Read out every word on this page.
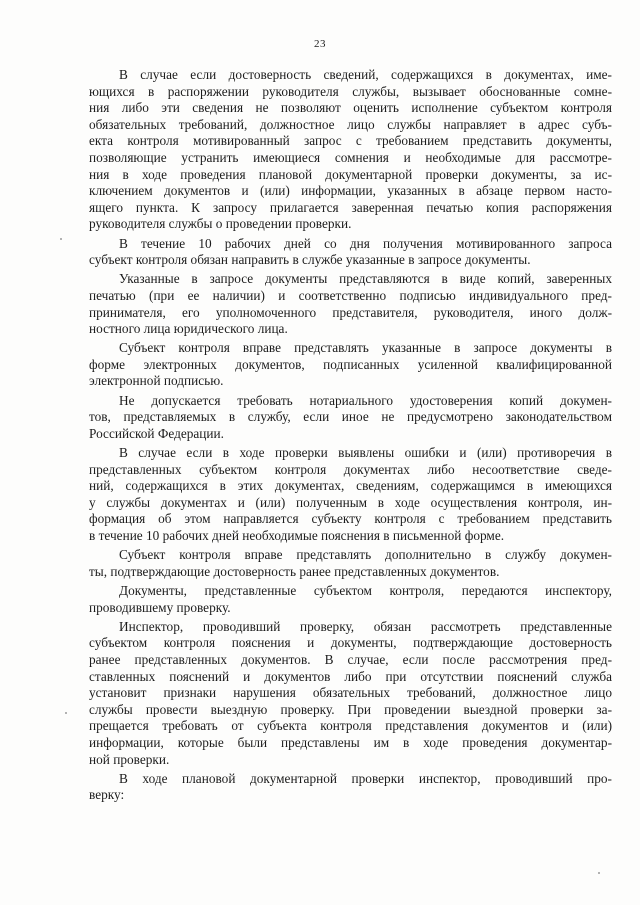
23

В случае если достоверность сведений, содержащихся в документах, име-
ющихся в распоряжении руководителя службы, вызывает обоснованные сомне-
ния либо эти сведения не позволяют оценить исполнение субъектом контроля
обязательных требований, должностное лицо службы направляет в адрес субъ-
екта контроля мотивированный запрос с требованием представить документы,
позволяющие устранить имеющиеся сомнения и необходимые для рассмотре-
ния в ходе проведения плановой документарной проверки документы, за ис-
ключением документов и (или) информации, указанных в абзаце первом насто-
ящего пункта. К запросу прилагается заверенная печатью копия распоряжения
руководителя службы о проведении проверки.

В течение 10 рабочих дней со дня получения мотивированного запроса
субъект контроля обязан направить в службе указанные в запросе документы.

Указанные в запросе документы представляются в виде копий, заверенных
печатью (при ее наличии) и соответственно подписью индивидуального пред-
принимателя, его уполномоченного представителя, руководителя, иного долж-
ностного лица юридического лица.

Субъект контроля вправе представлять указанные в запросе документы в
форме электронных документов, подписанных усиленной квалифицированной
электронной подписью.

Не допускается требовать нотариального удостоверения копий докумен-
тов, представляемых в службу, если иное не предусмотрено законодательством
Российской Федерации.

В случае если в ходе проверки выявлены ошибки и (или) противоречия в
представленных субъектом контроля документах либо несоответствие сведе-
ний, содержащихся в этих документах, сведениям, содержащимся в имеющихся
у службы документах и (или) полученным в ходе осуществления контроля, ин-
формация об этом направляется субъекту контроля с требованием представить
в течение 10 рабочих дней необходимые пояснения в письменной форме.

Субъект контроля вправе представлять дополнительно в службу докумен-
ты, подтверждающие достоверность ранее представленных документов.

Документы, представленные субъектом контроля, передаются инспектору,
проводившему проверку.

Инспектор, проводивший проверку, обязан рассмотреть представленные
субъектом контроля пояснения и документы, подтверждающие достоверность
ранее представленных документов. В случае, если после рассмотрения пред-
ставленных пояснений и документов либо при отсутствии пояснений служба
установит признаки нарушения обязательных требований, должностное лицо
службы провести выездную проверку. При проведении выездной проверки за-
прещается требовать от субъекта контроля представления документов и (или)
информации, которые были представлены им в ходе проведения документар-
ной проверки.

В ходе плановой документарной проверки инспектор, проводивший про-
верку:
